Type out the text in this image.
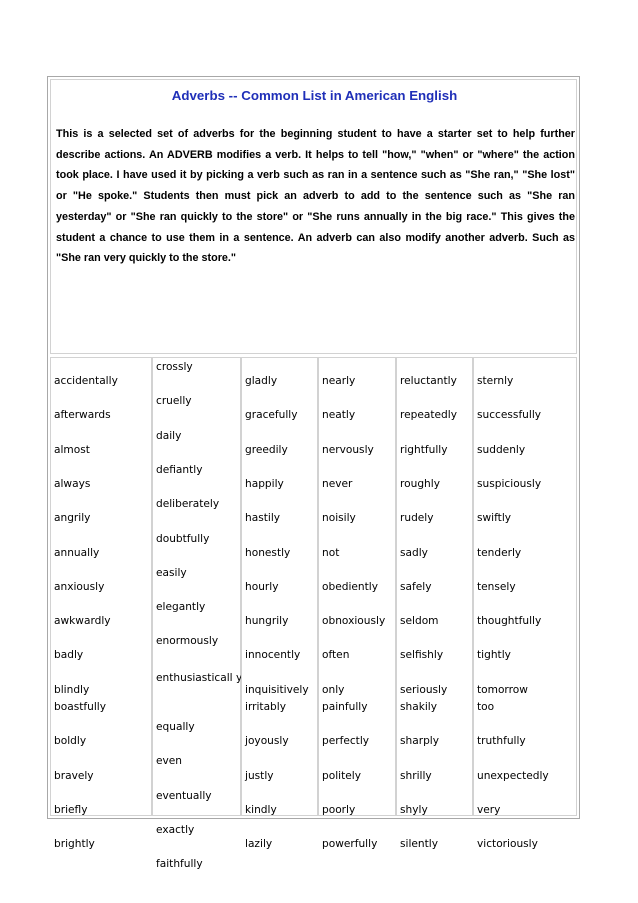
Adverbs -- Common List in American English

This is a selected set of adverbs for the beginning student to have a starter set to help further describe actions. An ADVERB modifies a verb. It helps to tell "how," "when" or "where" the action took place. I have used it by picking a verb such as ran in a sentence such as "She ran," "She lost" or "He spoke." Students then must pick an adverb to add to the sentence such as "She ran yesterday" or "She ran quickly to the store" or "She runs annually in the big race." This gives the student a chance to use them in a sentence. An adverb can also modify another adverb. Such as "She ran very quickly to the store."

accidentally
afterwards
almost
always
angrily
annually
anxiously
awkwardly
badly
blindly
boastfully
boldly
bravely
briefly
brightly
crossly
cruelly
daily
defiantly
deliberately
doubtfully
easily
elegantly
enormously
enthusiasticall y
equally
even
eventually
exactly
faithfully
gladly
gracefully
greedily
happily
hastily
honestly
hourly
hungrily
innocently
inquisitively
irritably
joyously
justly
kindly
lazily
nearly
neatly
nervously
never
noisily
not
obediently
obnoxiously
often
only
painfully
perfectly
politely
poorly
powerfully
reluctantly
repeatedly
rightfully
roughly
rudely
sadly
safely
seldom
selfishly
seriously
shakily
sharply
shrilly
shyly
silently
sternly
successfully
suddenly
suspiciously
swiftly
tenderly
tensely
thoughtfully
tightly
tomorrow
too
truthfully
unexpectedly
very
victoriously
